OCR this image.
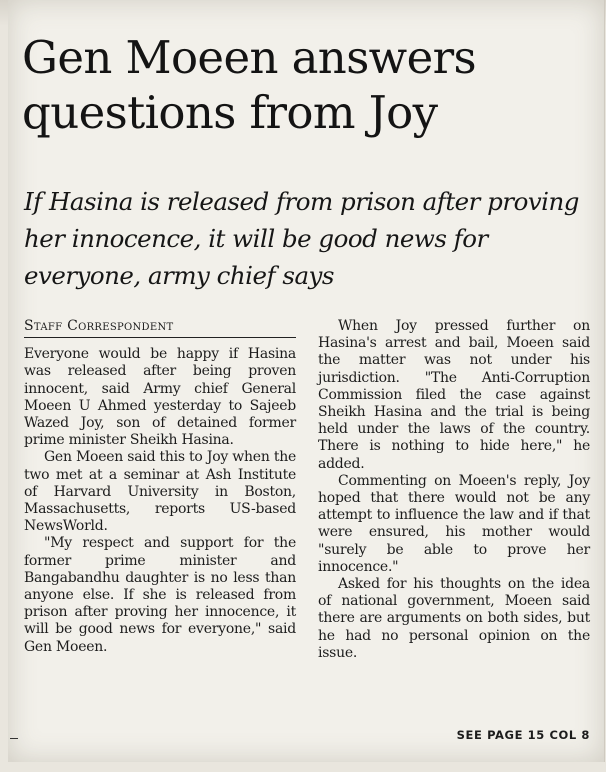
Gen Moeen answers
questions from Joy

If Hasina is released from prison after proving her innocence, it will be good news for everyone, army chief says

Staff Correspondent

Everyone would be happy if Hasina was released after being proven innocent, said Army chief General Moeen U Ahmed yesterday to Sajeeb Wazed Joy, son of detained former prime minister Sheikh Hasina.

Gen Moeen said this to Joy when the two met at a seminar at Ash Institute of Harvard University in Boston, Massachusetts, reports US-based NewsWorld.

"My respect and support for the former prime minister and Bangabandhu daughter is no less than anyone else. If she is released from prison after proving her innocence, it will be good news for everyone," said Gen Moeen.

When Joy pressed further on Hasina's arrest and bail, Moeen said the matter was not under his jurisdiction. "The Anti-Corruption Commission filed the case against Sheikh Hasina and the trial is being held under the laws of the country. There is nothing to hide here," he added.

Commenting on Moeen's reply, Joy hoped that there would not be any attempt to influence the law and if that were ensured, his mother would "surely be able to prove her innocence."

Asked for his thoughts on the idea of national government, Moeen said there are arguments on both sides, but he had no personal opinion on the issue.

SEE PAGE 15 COL 8
